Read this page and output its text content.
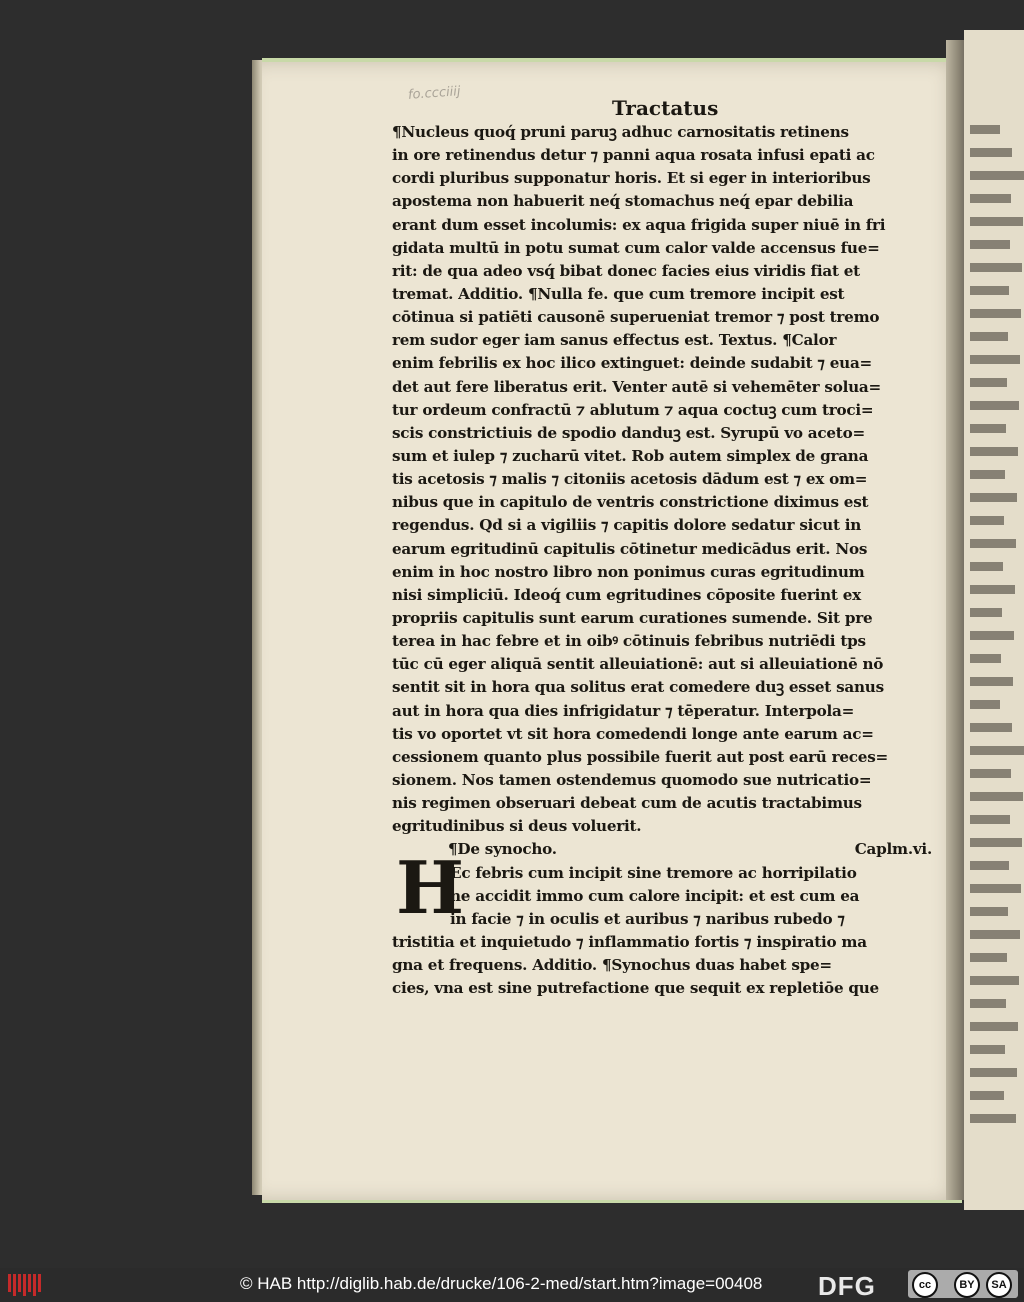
fo.ccciiij
Tractatus
¶Nucleus quoq́ pruni paruꝫ adhuc carnositatis retinens
in ore retinendus detur ⁊ panni aqua rosata infusi epati ac
cordi pluribus supponatur horis. Et si eger in interioribus
apostema non habuerit neq́ stomachus neq́ epar debilia
erant dum esset incolumis: ex aqua frigida super niuē in fri
gidata multū in potu sumat cum calor valde accensus fue=
rit: de qua adeo vsq́ bibat donec facies eius viridis fiat et
tremat. Additio. ¶Nulla fe. que cum tremore incipit est
cōtinua si patiēti causonē superueniat tremor ⁊ post tremo
rem sudor eger iam sanus effectus est. Textus. ¶Calor
enim febrilis ex hoc ilico extinguet: deinde sudabit ⁊ eua=
det aut fere liberatus erit. Venter autē si vehemēter solua=
tur ordeum confractū ⁊ ablutum ⁊ aqua coctuꝫ cum troci=
scis constrictiuis de spodio danduꝫ est. Syrupū vo aceto=
sum et iulep ⁊ zucharū vitet. Rob autem simplex de grana
tis acetosis ⁊ malis ⁊ citoniis acetosis dādum est ⁊ ex om=
nibus que in capitulo de ventris constrictione diximus est
regendus. Qd si a vigiliis ⁊ capitis dolore sedatur sicut in
earum egritudinū capitulis cōtinetur medicādus erit. Nos
enim in hoc nostro libro non ponimus curas egritudinum
nisi simpliciū. Ideoq́ cum egritudines cōposite fuerint ex
propriis capitulis sunt earum curationes sumende. Sit pre
terea in hac febre et in oibꝰ cōtinuis febribus nutriēdi tps
tūc cū eger aliquā sentit alleuiationē: aut si alleuiationē nō
sentit sit in hora qua solitus erat comedere duꝫ esset sanus
aut in hora qua dies infrigidatur ⁊ tēperatur. Interpola=
tis vo oportet vt sit hora comedendi longe ante earum ac=
cessionem quanto plus possibile fuerit aut post earū reces=
sionem. Nos tamen ostendemus quomodo sue nutricatio=
nis regimen obseruari debeat cum de acutis tractabimus
egritudinibus si deus voluerit.
¶De synocho.	Caplm.vi.
Ec febris cum incipit sine tremore ac horripilatio
ne accidit immo cum calore incipit: et est cum ea
in facie ⁊ in oculis et auribus ⁊ naribus rubedo ⁊
tristitia et inquietudo ⁊ inflammatio fortis ⁊ inspiratio ma
gna et frequens. Additio. ¶Synochus duas habet spe=
cies, vna est sine putrefactione que sequit ex repletiōe que
H
© HAB http://diglib.hab.de/drucke/106-2-med/start.htm?image=00408 DFG	cc	BY	SA
